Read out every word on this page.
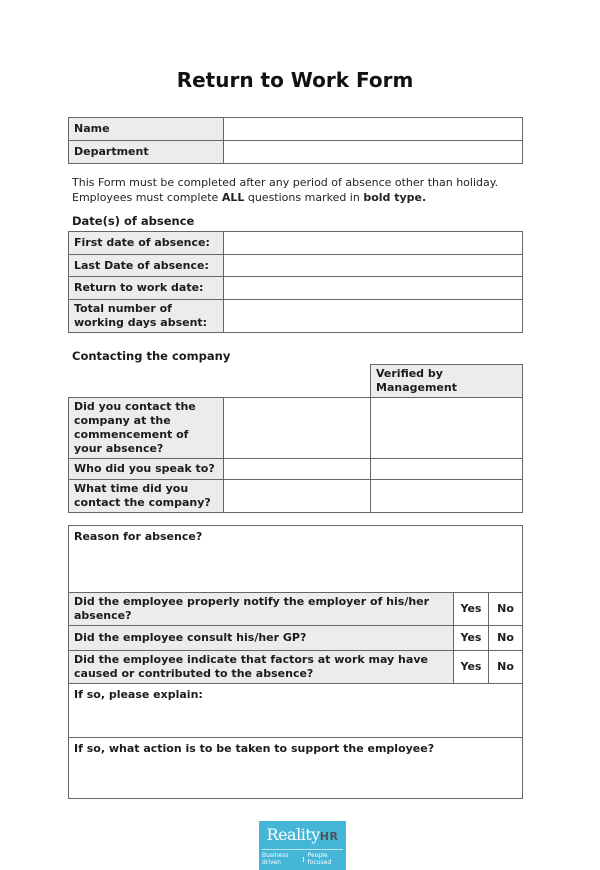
Return to Work Form
Name	
Department	

This Form must be completed after any period of absence other than holiday.

Employees must complete ALL questions marked in bold type.

Date(s) of absence
First date of absence:	
Last Date of absence:	
Return to work date:	
Total number of working days absent:	
Contacting the company
		Verified by Management
Did you contact the company at the commencement of your absence?		
Who did you speak to?		
What time did you contact the company?		
Reason for absence?		
Did the employee properly notify the employer of his/her absence?	Yes	No
Did the employee consult his/her GP?	Yes	No
Did the employee indicate that factors at work may have caused or contributed to the absence?	Yes	No
If so, please explain:		
If so, what action is to be taken to support the employee?		
RealityHR
Business driven
People focused
